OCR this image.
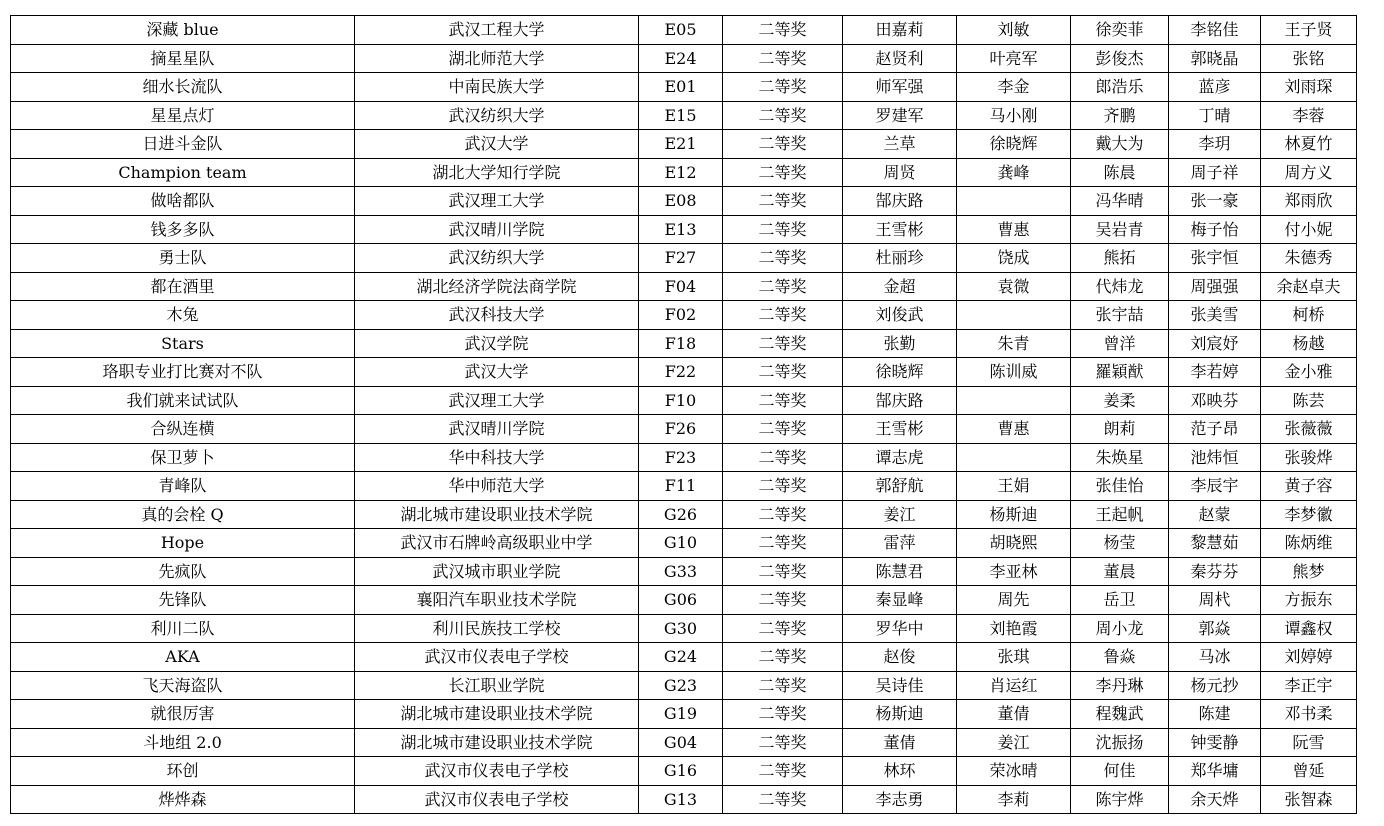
深藏 blue	武汉工程大学	E05	二等奖	田嘉莉	刘敏	徐奕菲	李铭佳	王子贤
摘星星队	湖北师范大学	E24	二等奖	赵贤利	叶亮军	彭俊杰	郭晓晶	张铭
细水长流队	中南民族大学	E01	二等奖	师军强	李金	郎浩乐	蓝彦	刘雨琛
星星点灯	武汉纺织大学	E15	二等奖	罗建军	马小刚	齐鹏	丁晴	李蓉
日进斗金队	武汉大学	E21	二等奖	兰草	徐晓辉	戴大为	李玥	林夏竹
Champion team	湖北大学知行学院	E12	二等奖	周贤	龚峰	陈晨	周子祥	周方义
做啥都队	武汉理工大学	E08	二等奖	郜庆路		冯华晴	张一豪	郑雨欣
钱多多队	武汉晴川学院	E13	二等奖	王雪彬	曹惠	吴岩青	梅子怡	付小妮
勇士队	武汉纺织大学	F27	二等奖	杜丽珍	饶成	熊拓	张宇恒	朱德秀
都在酒里	湖北经济学院法商学院	F04	二等奖	金超	袁微	代炜龙	周强强	余赵卓夫
木兔	武汉科技大学	F02	二等奖	刘俊武		张宇喆	张美雪	柯桥
Stars	武汉学院	F18	二等奖	张勤	朱青	曾洋	刘宸妤	杨越
珞职专业打比赛对不队	武汉大学	F22	二等奖	徐晓辉	陈训威	羅穎猷	李若婷	金小雅
我们就来试试队	武汉理工大学	F10	二等奖	郜庆路		姜柔	邓映芬	陈芸
合纵连横	武汉晴川学院	F26	二等奖	王雪彬	曹惠	朗莉	范子昂	张薇薇
保卫萝卜	华中科技大学	F23	二等奖	谭志虎		朱焕星	池炜恒	张骏烨
青峰队	华中师范大学	F11	二等奖	郭舒航	王娟	张佳怡	李辰宇	黄子容
真的会栓 Q	湖北城市建设职业技术学院	G26	二等奖	姜江	杨斯迪	王起帆	赵蒙	李梦徽
Hope	武汉市石牌岭高级职业中学	G10	二等奖	雷萍	胡晓熙	杨莹	黎慧茹	陈炳维
先疯队	武汉城市职业学院	G33	二等奖	陈慧君	李亚林	董晨	秦芬芬	熊梦
先锋队	襄阳汽车职业技术学院	G06	二等奖	秦显峰	周先	岳卫	周杙	方振东
利川二队	利川民族技工学校	G30	二等奖	罗华中	刘艳霞	周小龙	郭焱	谭鑫权
AKA	武汉市仪表电子学校	G24	二等奖	赵俊	张琪	鲁焱	马冰	刘婷婷
飞天海盗队	长江职业学院	G23	二等奖	吴诗佳	肖运红	李丹琳	杨元抄	李正宇
就很厉害	湖北城市建设职业技术学院	G19	二等奖	杨斯迪	董倩	程魏武	陈建	邓书柔
斗地组 2.0	湖北城市建设职业技术学院	G04	二等奖	董倩	姜江	沈振扬	钟雯静	阮雪
环创	武汉市仪表电子学校	G16	二等奖	林环	荣冰晴	何佳	郑华墉	曾延
烨烨森	武汉市仪表电子学校	G13	二等奖	李志勇	李莉	陈宇烨	余天烨	张智森
